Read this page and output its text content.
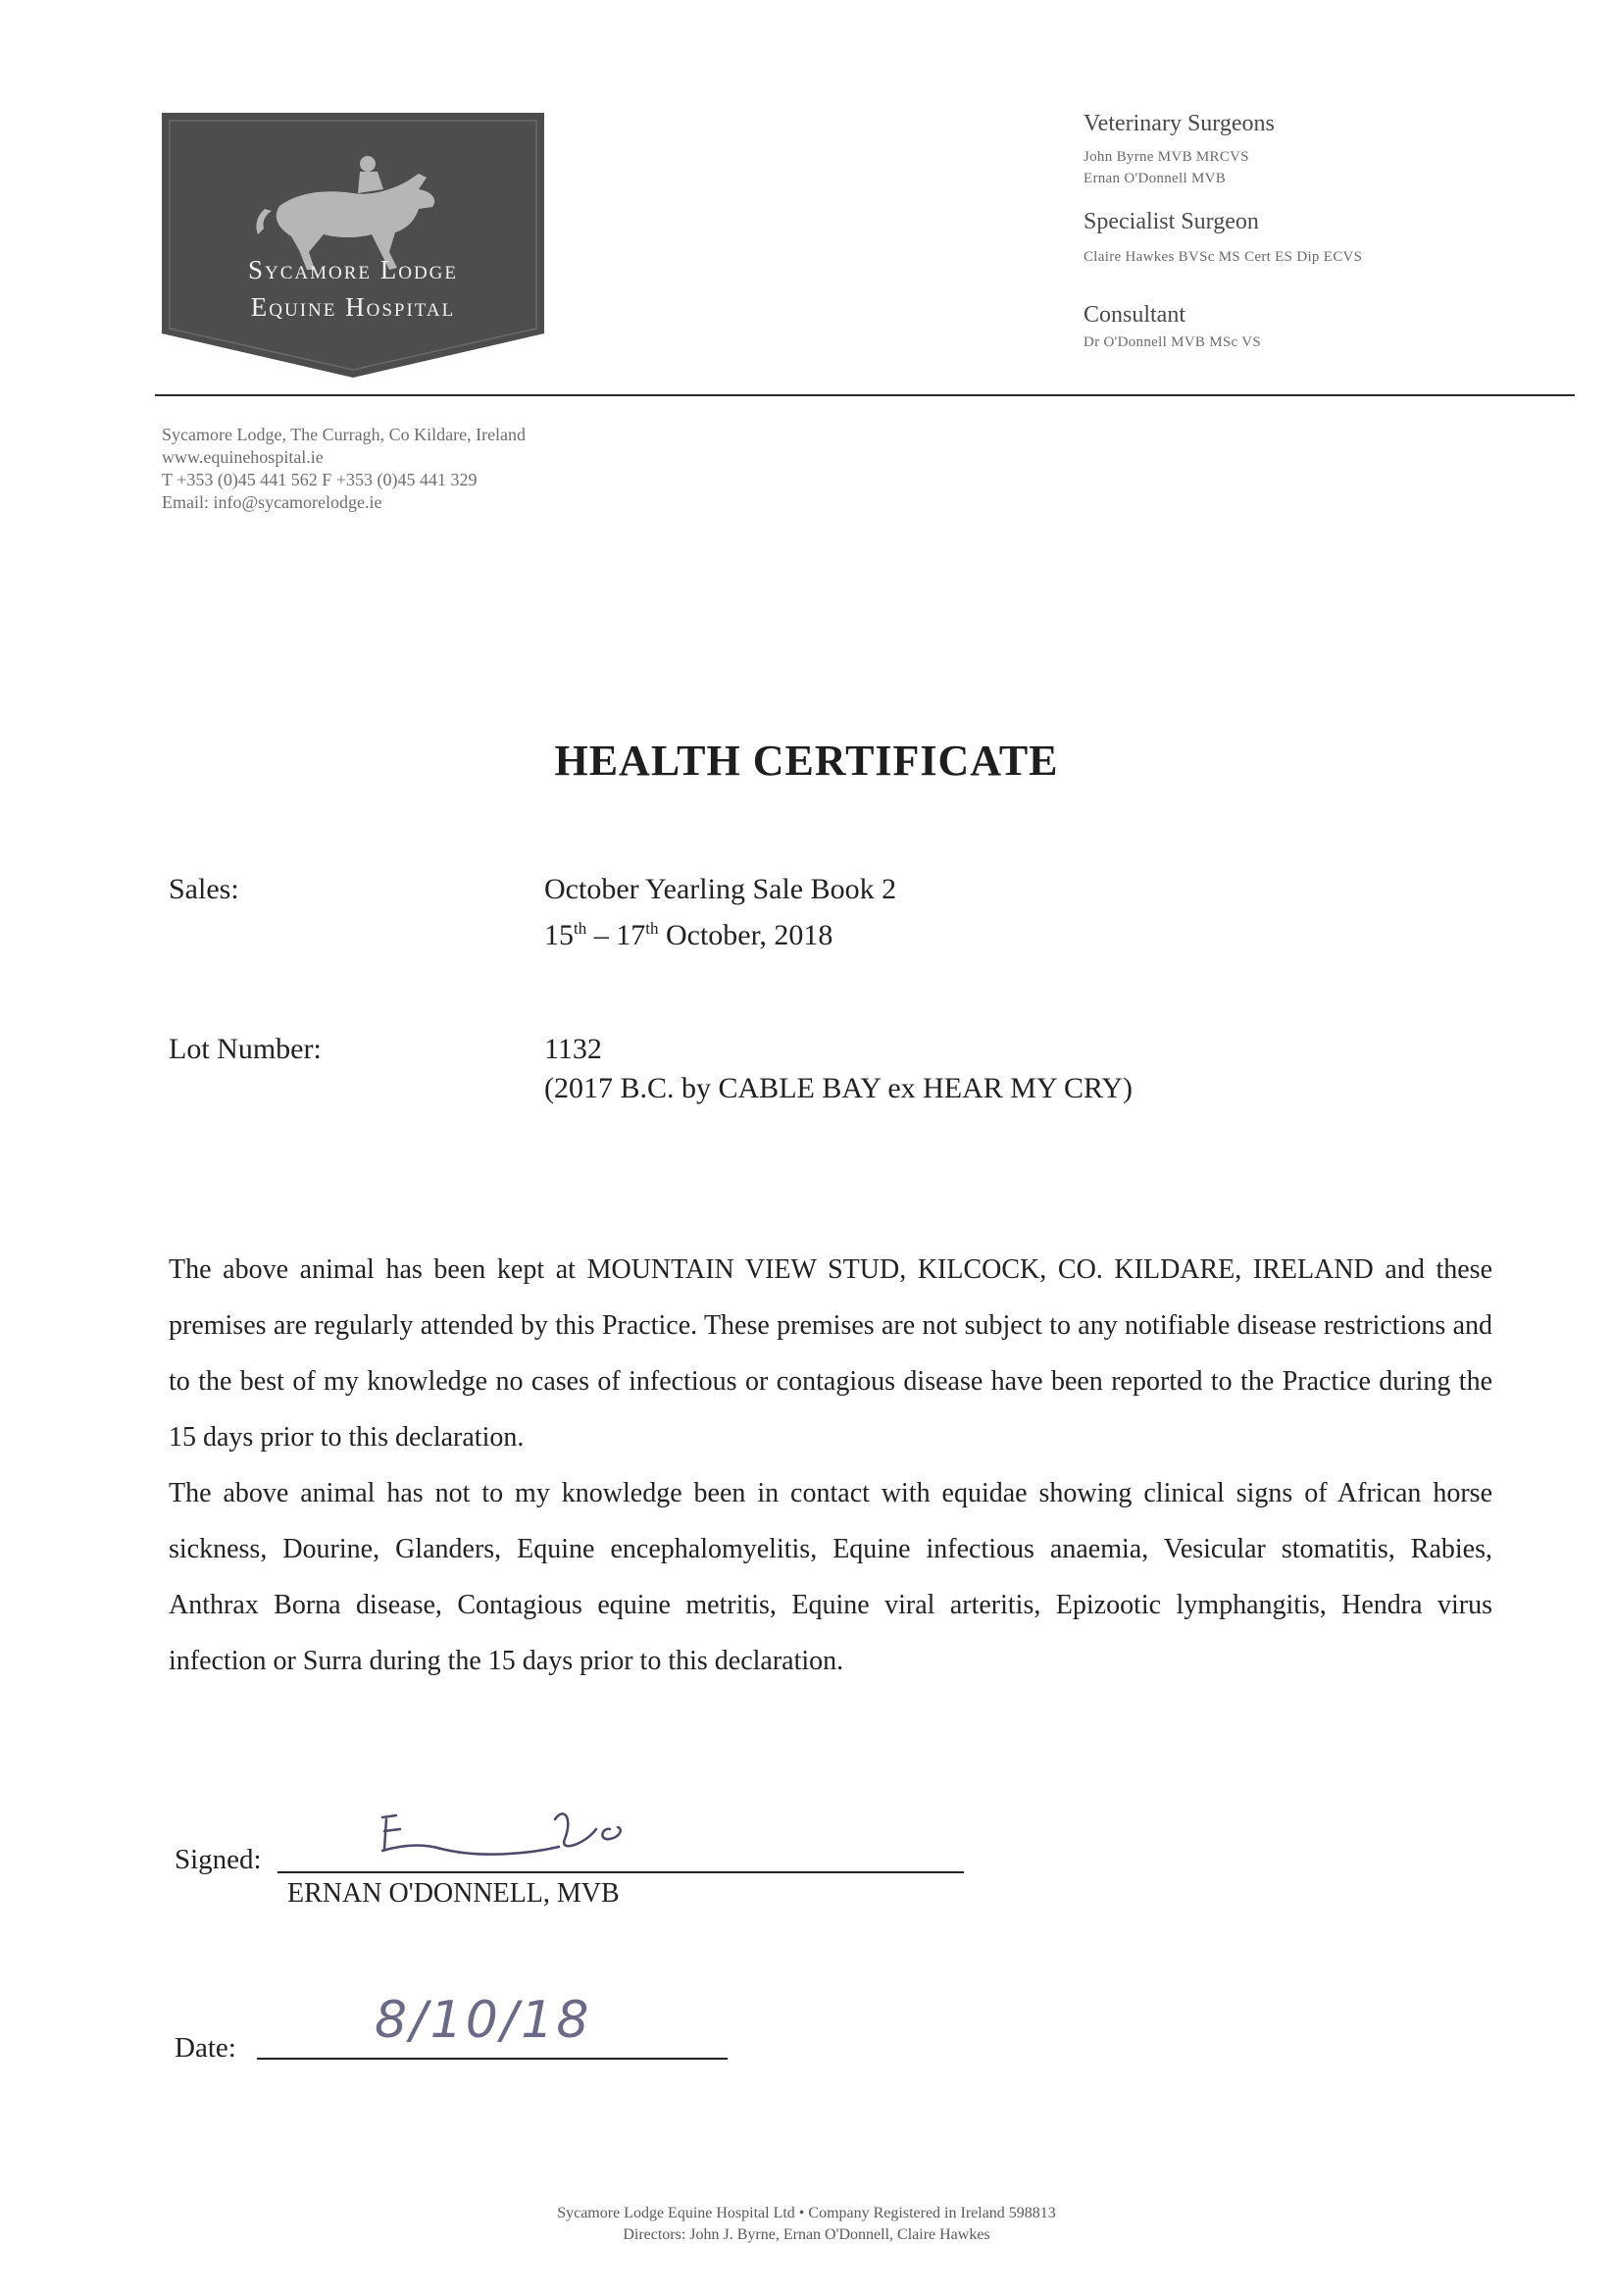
Sycamore Lodge
Equine Hospital
Veterinary Surgeons
John Byrne MVB MRCVS
Ernan O'Donnell MVB
Specialist Surgeon
Claire Hawkes BVSc MS Cert ES Dip ECVS
Consultant
Dr O'Donnell MVB MSc VS
Sycamore Lodge, The Curragh, Co Kildare, Ireland
www.equinehospital.ie
T +353 (0)45 441 562 F +353 (0)45 441 329
Email: info@sycamorelodge.ie
HEALTH CERTIFICATE
Sales:	October Yearling Sale Book 2
15th – 17th October, 2018
Lot Number:	1132
(2017 B.C. by CABLE BAY ex HEAR MY CRY)
The above animal has been kept at MOUNTAIN VIEW STUD, KILCOCK, CO. KILDARE, IRELAND and these premises are regularly attended by this Practice. These premises are not subject to any notifiable disease restrictions and to the best of my knowledge no cases of infectious or contagious disease have been reported to the Practice during the 15 days prior to this declaration.
The above animal has not to my knowledge been in contact with equidae showing clinical signs of African horse sickness, Dourine, Glanders, Equine encephalomyelitis, Equine infectious anaemia, Vesicular stomatitis, Rabies, Anthrax Borna disease, Contagious equine metritis, Equine viral arteritis, Epizootic lymphangitis, Hendra virus infection or Surra during the 15 days prior to this declaration.
Signed:
ERNAN O'DONNELL, MVB
Date:	8/10/18
Sycamore Lodge Equine Hospital Ltd • Company Registered in Ireland 598813
Directors: John J. Byrne, Ernan O'Donnell, Claire Hawkes
